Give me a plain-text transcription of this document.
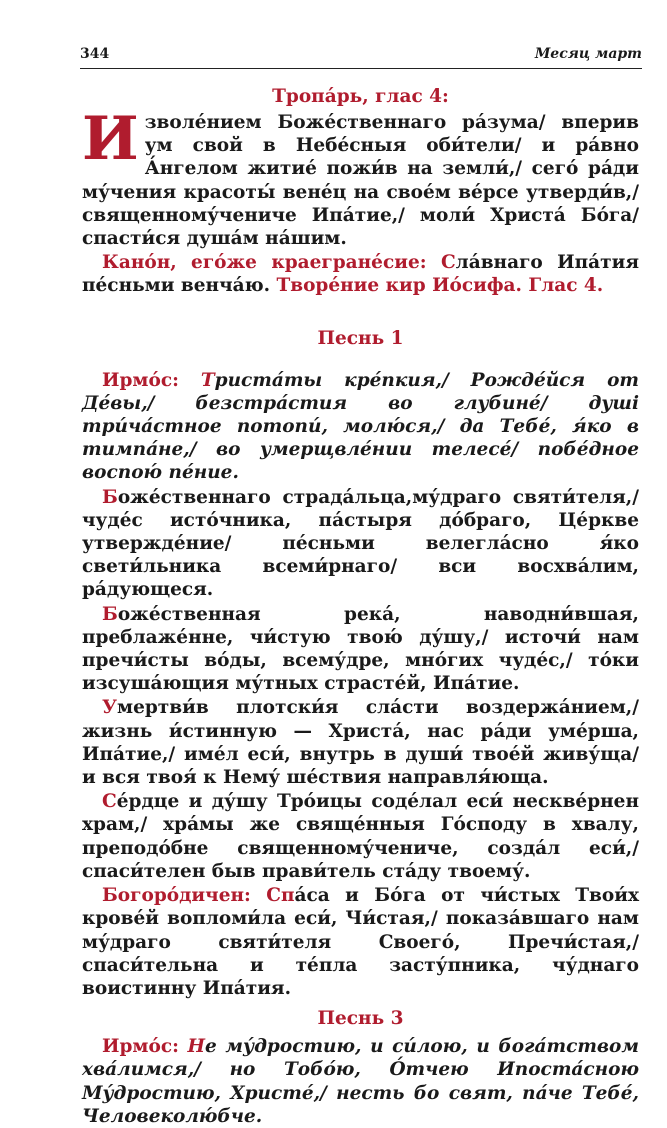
344	Месяц март

Тропа́рь, глас 4:

Изволе́нием Боже́ственнаго ра́зума/ вперив ум свой в Небе́сныя оби́тели/ и ра́вно А́нгелом житие́ пожи́в на земли́,/ сего́ ра́ди му́чения красоты́ вене́ц на свое́м ве́рсе утверди́в,/ священному́чениче Ипа́тие,/ моли́ Христа́ Бо́га/ спасти́ся душа́м на́шим.

Кано́н, его́же краегране́сие: Сла́внаго Ипа́тия пе́сньми венча́ю. Творе́ние кир Ио́сифа. Глас 4.

Песнь 1

Ирмо́с: Триста́ты кре́пкия,/ Рожде́йся от Де́вы,/ безстра́стия во глубине́/ душі три́ча́стное потопи́, молю́ся,/ да Тебе́, я́ко в тимпа́не,/ во умерщвле́нии телесе́/ побе́дное воспою́ пе́ние.

Боже́ственнаго страда́льца,му́драго святи́теля,/ чуде́с исто́чника, па́стыря до́браго, Це́ркве утвержде́ние/ пе́сньми велегла́сно я́ко свети́льника всеми́рнаго/ вси восхва́лим, ра́дующеся.

Боже́ственная река́, наводни́вшая, преблаже́нне, чи́стую твою́ ду́шу,/ источи́ нам пречи́сты во́ды, всему́дре, мно́гих чуде́с,/ то́ки изсуша́ющия му́тных страсте́й, Ипа́тие.

Умертви́в плотски́я сла́сти воздержа́нием,/ жизнь и́стинную — Христа́, нас ра́ди уме́рша, Ипа́тие,/ име́л еси́, внутрь в души́ твое́й живу́ща/ и вся твоя́ к Нему́ ше́ствия направля́юща.

Се́рдце и ду́шу Тро́ицы соде́лал еси́ несквéрнен храм,/ хра́мы же свяще́нныя Го́споду в хвалу, преподо́бне священному́чениче, созда́л еси́,/ спаси́телен быв прави́тель ста́ду твоему́.

Богоро́дичен: Спа́са и Бо́га от чи́стых Твои́х крове́й вопломи́ла еси́, Чи́стая,/ показа́вшаго нам му́драго святи́теля Своего́, Пречи́стая,/ спаси́тельна и те́пла засту́пника, чу́днаго воистинну Ипа́тия.

Песнь 3

Ирмо́с: Не му́дростию, и си́лою, и бога́тством хва́лимся,/ но Тобо́ю, О́тчею Ипоста́сною Му́дростию, Христе́,/ несть бо свят, па́че Тебе́, Человеколю́бче.
